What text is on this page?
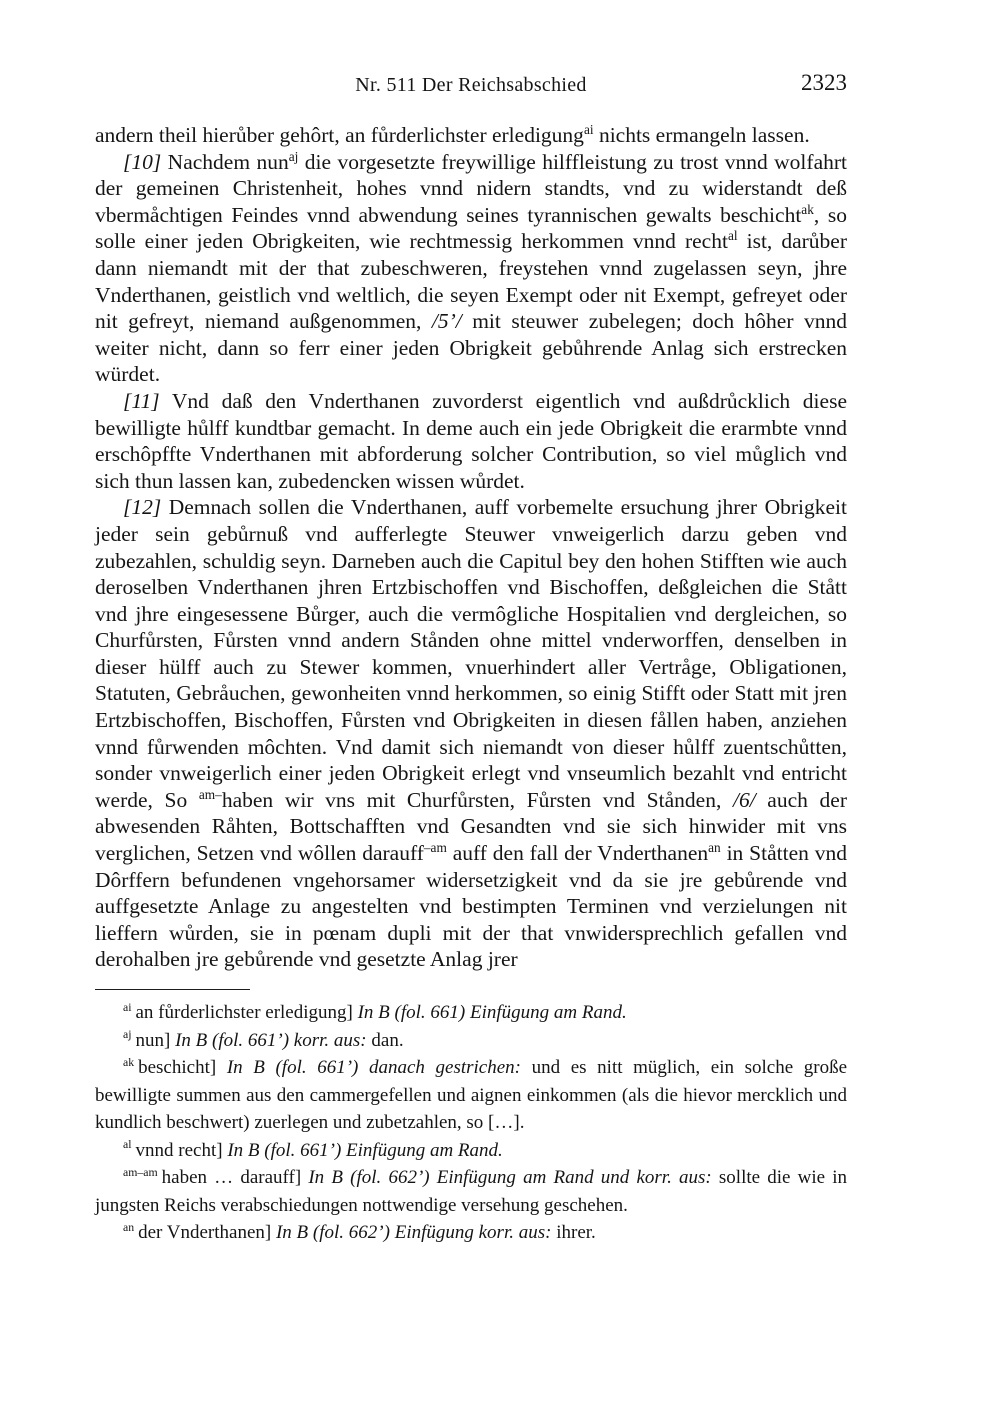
Nr. 511 Der Reichsabschied	2323

andern theil hierůber gehôrt, an fůrderlichster erledigung$^{ai}$ nichts ermangeln lassen.

[10] Nachdem nun$^{aj}$ die vorgesetzte freywillige hilffleistung zu trost vnnd wolfahrt der gemeinen Christenheit, hohes vnnd nidern standts, vnd zu widerstandt deß vbermåchtigen Feindes vnnd abwendung seines tyrannischen gewalts beschicht$^{ak}$, so solle einer jeden Obrigkeiten, wie rechtmessig herkommen vnnd recht$^{al}$ ist, darůber dann niemandt mit der that zubeschweren, freystehen vnnd zugelassen seyn, jhre Vnderthanen, geistlich vnd weltlich, die seyen Exempt oder nit Exempt, gefreyet oder nit gefreyt, niemand außgenommen, /5’/ mit steuwer zubelegen; doch hôher vnnd weiter nicht, dann so ferr einer jeden Obrigkeit gebůhrende Anlag sich erstrecken würdet.

[11] Vnd daß den Vnderthanen zuvorderst eigentlich vnd außdrůcklich diese bewilligte hůlff kundtbar gemacht. In deme auch ein jede Obrigkeit die erarmbte vnnd erschôpffte Vnderthanen mit abforderung solcher Contribution, so viel můglich vnd sich thun lassen kan, zubedencken wissen wůrdet.

[12] Demnach sollen die Vnderthanen, auff vorbemelte ersuchung jhrer Obrigkeit jeder sein gebůrnuß vnd aufferlegte Steuwer vnweigerlich darzu geben vnd zubezahlen, schuldig seyn. Darneben auch die Capitul bey den hohen Stifften wie auch deroselben Vnderthanen jhren Ertzbischoffen vnd Bischoffen, deßgleichen die Stått vnd jhre eingesessene Bůrger, auch die vermôgliche Hospitalien vnd dergleichen, so Churfůrsten, Fůrsten vnnd andern Stånden ohne mittel vnderworffen, denselben in dieser hülff auch zu Stewer kommen, vnuerhindert aller Vertråge, Obligationen, Statuten, Gebråuchen, gewonheiten vnnd herkommen, so einig Stifft oder Statt mit jren Ertzbischoffen, Bischoffen, Fůrsten vnd Obrigkeiten in diesen fållen haben, anziehen vnnd fůrwenden môchten. Vnd damit sich niemandt von dieser hůlff zuentschůtten, sonder vnweigerlich einer jeden Obrigkeit erlegt vnd vnseumlich bezahlt vnd entricht werde, So $^{am-}$haben wir vns mit Churfůrsten, Fůrsten vnd Stånden, /6/ auch der abwesenden Råhten, Bottschafften vnd Gesandten vnd sie sich hinwider mit vns verglichen, Setzen vnd wôllen darauff$^{-am}$ auff den fall der Vnderthanen$^{an}$ in Ståtten vnd Dôrffern befundenen vngehorsamer widersetzigkeit vnd da sie jre gebůrende vnd auffgesetzte Anlage zu angestelten vnd bestimpten Terminen vnd verzielungen nit lieffern wůrden, sie in pœnam dupli mit der that vnwidersprechlich gefallen vnd derohalben jre gebůrende vnd gesetzte Anlag jrer

$^{ai}$ an fůrderlichster erledigung] In B (fol. 661) Einfügung am Rand.

$^{aj}$ nun] In B (fol. 661’) korr. aus: dan.

$^{ak}$ beschicht] In B (fol. 661’) danach gestrichen: und es nitt müglich, ein solche große bewilligte summen aus den cammergefellen und aignen einkommen (als die hievor mercklich und kundlich beschwert) zuerlegen und zubetzahlen, so […].

$^{al}$ vnnd recht] In B (fol. 661’) Einfügung am Rand.

$^{am-am}$ haben … darauff] In B (fol. 662’) Einfügung am Rand und korr. aus: sollte die wie in jungsten Reichs verabschiedungen nottwendige versehung geschehen.

$^{an}$ der Vnderthanen] In B (fol. 662’) Einfügung korr. aus: ihrer.
